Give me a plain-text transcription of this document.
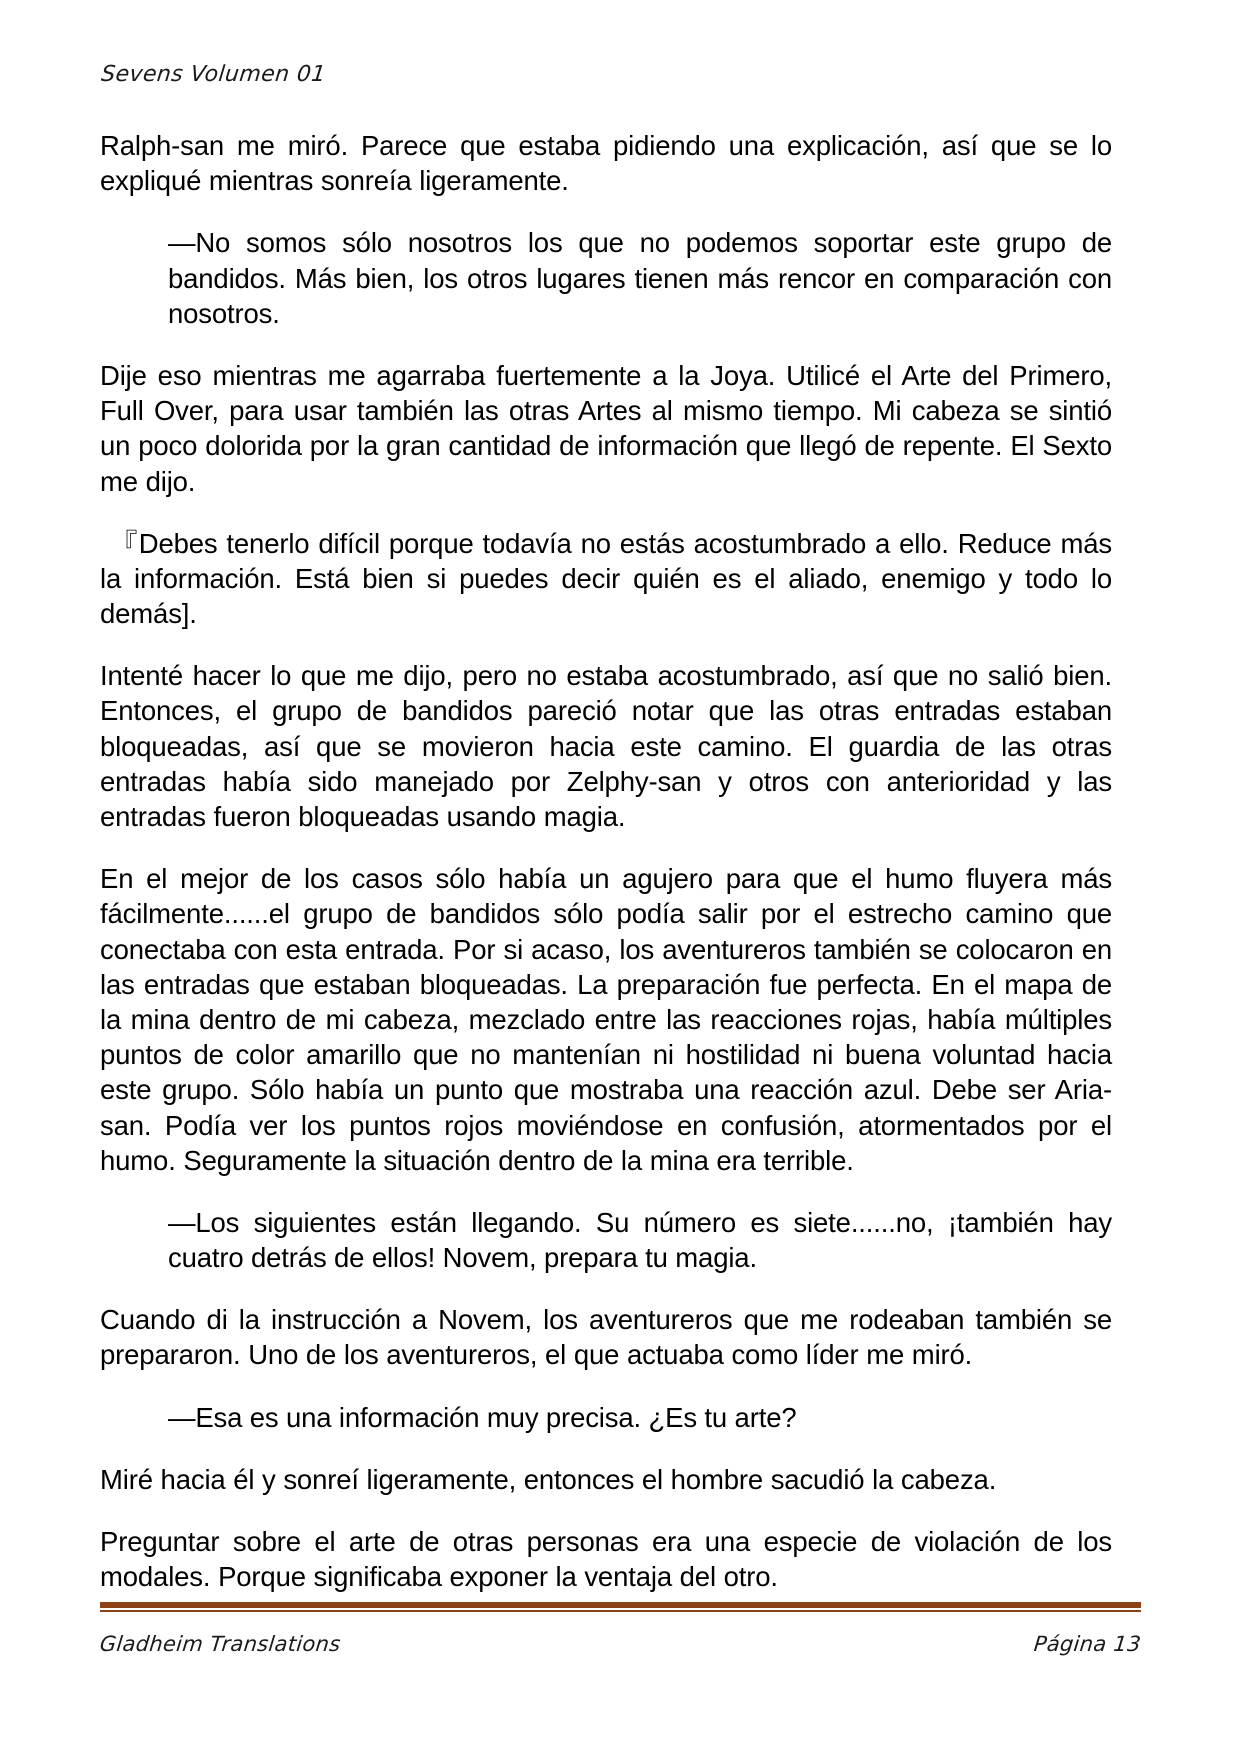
Sevens Volumen 01

Ralph-san me miró. Parece que estaba pidiendo una explicación, así que se lo expliqué mientras sonreía ligeramente.

—No somos sólo nosotros los que no podemos soportar este grupo de bandidos. Más bien, los otros lugares tienen más rencor en comparación con nosotros.

Dije eso mientras me agarraba fuertemente a la Joya. Utilicé el Arte del Primero, Full Over, para usar también las otras Artes al mismo tiempo. Mi cabeza se sintió un poco dolorida por la gran cantidad de información que llegó de repente. El Sexto me dijo.

『Debes tenerlo difícil porque todavía no estás acostumbrado a ello. Reduce más la información. Está bien si puedes decir quién es el aliado, enemigo y todo lo demás].

Intenté hacer lo que me dijo, pero no estaba acostumbrado, así que no salió bien. Entonces, el grupo de bandidos pareció notar que las otras entradas estaban bloqueadas, así que se movieron hacia este camino. El guardia de las otras entradas había sido manejado por Zelphy-san y otros con anterioridad y las entradas fueron bloqueadas usando magia.

En el mejor de los casos sólo había un agujero para que el humo fluyera más fácilmente......el grupo de bandidos sólo podía salir por el estrecho camino que conectaba con esta entrada. Por si acaso, los aventureros también se colocaron en las entradas que estaban bloqueadas. La preparación fue perfecta. En el mapa de la mina dentro de mi cabeza, mezclado entre las reacciones rojas, había múltiples puntos de color amarillo que no mantenían ni hostilidad ni buena voluntad hacia este grupo. Sólo había un punto que mostraba una reacción azul. Debe ser Aria-san. Podía ver los puntos rojos moviéndose en confusión, atormentados por el humo. Seguramente la situación dentro de la mina era terrible.

—Los siguientes están llegando. Su número es siete......no, ¡también hay cuatro detrás de ellos! Novem, prepara tu magia.

Cuando di la instrucción a Novem, los aventureros que me rodeaban también se prepararon. Uno de los aventureros, el que actuaba como líder me miró.

—Esa es una información muy precisa. ¿Es tu arte?

Miré hacia él y sonreí ligeramente, entonces el hombre sacudió la cabeza.

Preguntar sobre el arte de otras personas era una especie de violación de los modales. Porque significaba exponer la ventaja del otro.

Gladheim Translations	Página 13
